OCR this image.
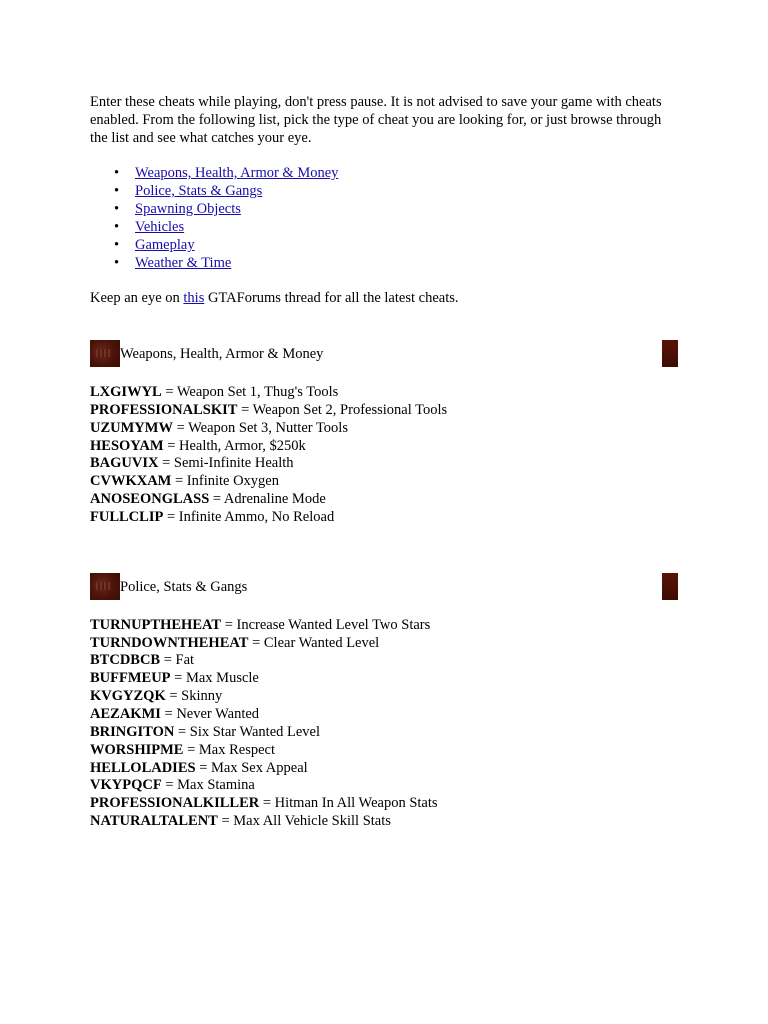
Enter these cheats while playing, don't press pause. It is not advised to save your game with cheats enabled. From the following list, pick the type of cheat you are looking for, or just browse through the list and see what catches your eye.

• Weapons, Health, Armor & Money
• Police, Stats & Gangs
• Spawning Objects
• Vehicles
• Gameplay
• Weather & Time

Keep an eye on this GTAForums thread for all the latest cheats.

Weapons, Health, Armor & Money
LXGIWYL = Weapon Set 1, Thug's Tools
PROFESSIONALSKIT = Weapon Set 2, Professional Tools
UZUMYMW = Weapon Set 3, Nutter Tools
HESOYAM = Health, Armor, $250k
BAGUVIX = Semi-Infinite Health
CVWKXAM = Infinite Oxygen
ANOSEONGLASS = Adrenaline Mode
FULLCLIP = Infinite Ammo, No Reload
Police, Stats & Gangs
TURNUPTHEHEAT = Increase Wanted Level Two Stars
TURNDOWNTHEHEAT = Clear Wanted Level
BTCDBCB = Fat
BUFFMEUP = Max Muscle
KVGYZQK = Skinny
AEZAKMI = Never Wanted
BRINGITON = Six Star Wanted Level
WORSHIPME = Max Respect
HELLOLADIES = Max Sex Appeal
VKYPQCF = Max Stamina
PROFESSIONALKILLER = Hitman In All Weapon Stats
NATURALTALENT = Max All Vehicle Skill Stats
